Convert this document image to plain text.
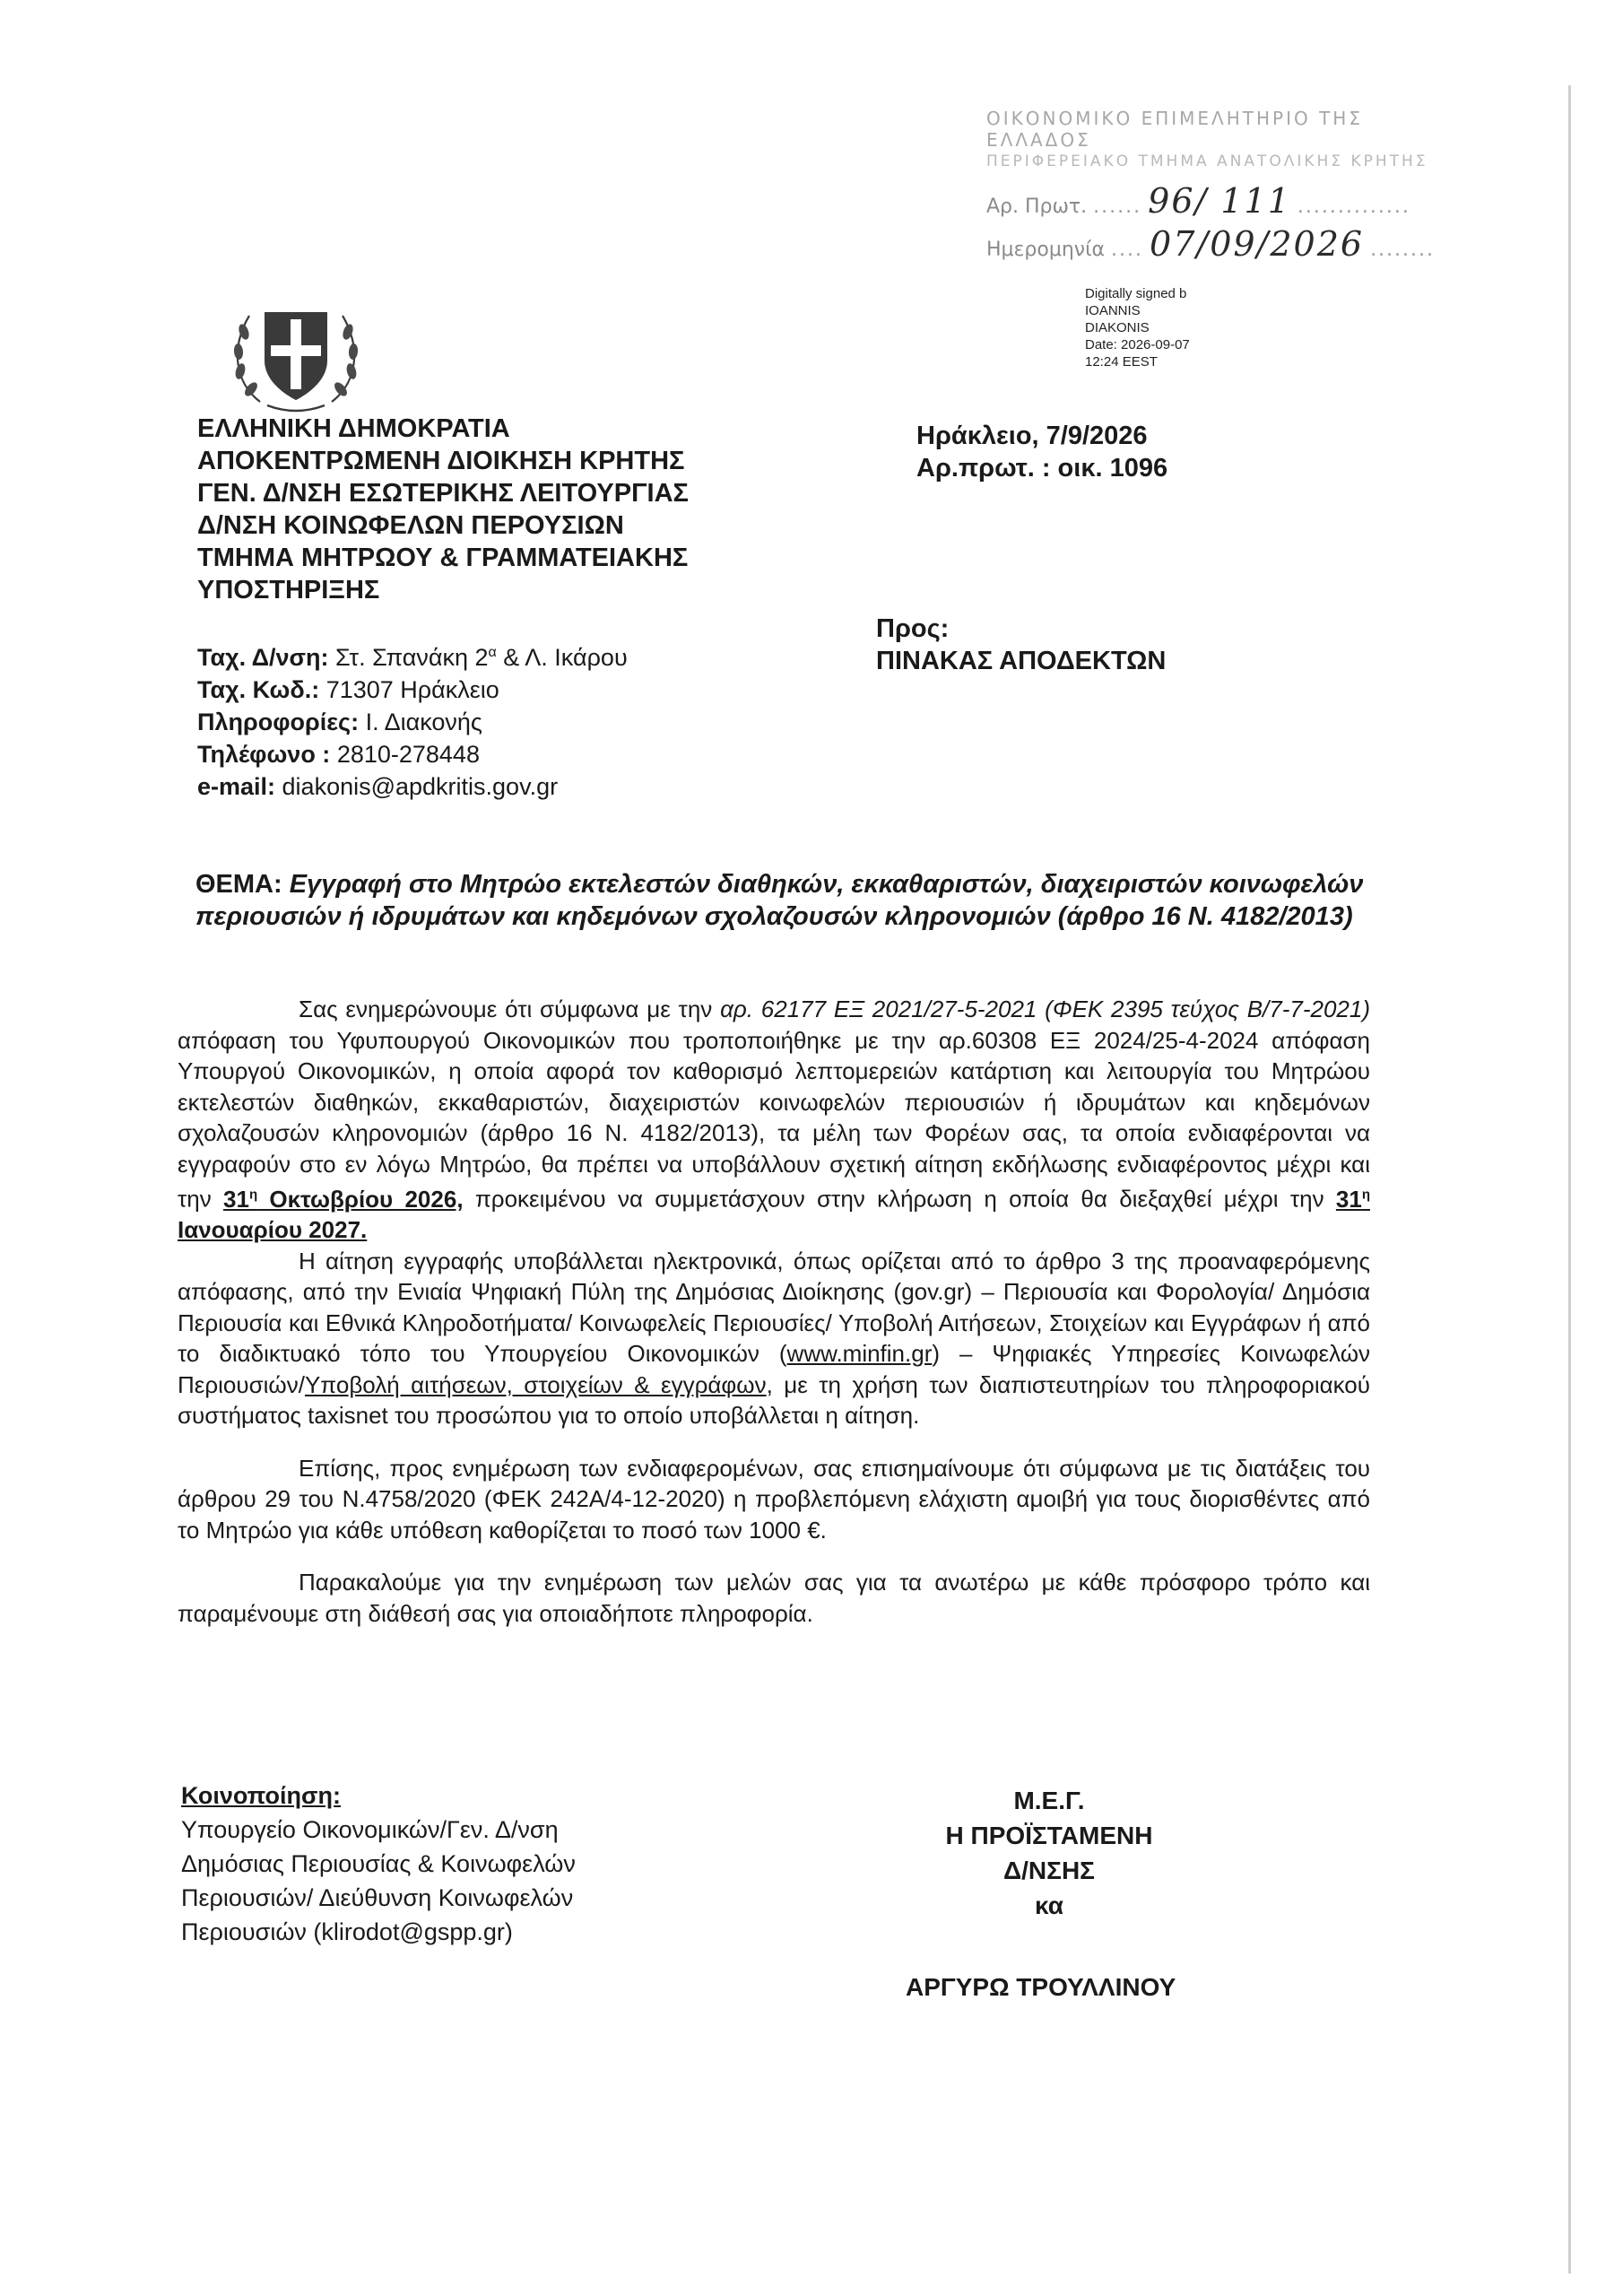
ΟΙΚΟΝΟΜΙΚΟ ΕΠΙΜΕΛΗΤΗΡΙΟ ΤΗΣ ΕΛΛΑΔΟΣ
ΠΕΡΙΦΕΡΕΙΑΚΟ ΤΜΗΜΑ ΑΝΑΤΟΛΙΚΗΣ ΚΡΗΤΗΣ
Αρ. Πρωτ. ...... 96/ 111 ..............
Ημερομηνία .... 07/09/2026 ........
Digitally signed b
IOANNIS
DIAKONIS
Date: 2026-09-07
12:24 EEST
ΕΛΛΗΝΙΚΗ ΔΗΜΟΚΡΑΤΙΑ
ΑΠΟΚΕΝΤΡΩΜΕΝΗ ΔΙΟΙΚΗΣΗ ΚΡΗΤΗΣ
ΓΕΝ. Δ/ΝΣΗ ΕΣΩΤΕΡΙΚΗΣ ΛΕΙΤΟΥΡΓΙΑΣ
Δ/ΝΣΗ ΚΟΙΝΩΦΕΛΩΝ ΠΕΡΟΥΣΙΩΝ
ΤΜΗΜΑ ΜΗΤΡΩΟΥ & ΓΡΑΜΜΑΤΕΙΑΚΗΣ
ΥΠΟΣΤΗΡΙΞΗΣ
Ηράκλειο, 7/9/2026
Αρ.πρωτ. : οικ. 1096
Προς:
ΠΙΝΑΚΑΣ ΑΠΟΔΕΚΤΩΝ
Ταχ. Δ/νση: Στ. Σπανάκη $2^\alpha$ & Λ. Ικάρου
Ταχ. Κωδ.: 71307 Ηράκλειο
Πληροφορίες: Ι. Διακονής
Τηλέφωνο : 2810-278448
e-mail: diakonis@apdkritis.gov.gr
ΘΕΜΑ: Εγγραφή στο Μητρώο εκτελεστών διαθηκών, εκκαθαριστών, διαχειριστών κοινωφελών περιουσιών ή ιδρυμάτων και κηδεμόνων σχολαζουσών κληρονομιών (άρθρο 16 Ν. 4182/2013)

Σας ενημερώνουμε ότι σύμφωνα με την αρ. 62177 ΕΞ 2021/27-5-2021 (ΦΕΚ 2395 τεύχος Β/7-7-2021) απόφαση του Υφυπουργού Οικονομικών που τροποποιήθηκε με την αρ.60308 ΕΞ 2024/25-4-2024 απόφαση Υπουργού Οικονομικών, η οποία αφορά τον καθορισμό λεπτομερειών κατάρτιση και λειτουργία του Μητρώου εκτελεστών διαθηκών, εκκαθαριστών, διαχειριστών κοινωφελών περιουσιών ή ιδρυμάτων και κηδεμόνων σχολαζουσών κληρονομιών (άρθρο 16 Ν. 4182/2013), τα μέλη των Φορέων σας, τα οποία ενδιαφέρονται να εγγραφούν στο εν λόγω Μητρώο, θα πρέπει να υποβάλλουν σχετική αίτηση εκδήλωσης ενδιαφέροντος μέχρι και την $31^\eta$ Οκτωβρίου 2026, προκειμένου να συμμετάσχουν στην κλήρωση η οποία θα διεξαχθεί μέχρι την $31^\eta$ Ιανουαρίου 2027.

Η αίτηση εγγραφής υποβάλλεται ηλεκτρονικά, όπως ορίζεται από το άρθρο 3 της προαναφερόμενης απόφασης, από την Ενιαία Ψηφιακή Πύλη της Δημόσιας Διοίκησης (gov.gr) – Περιουσία και Φορολογία/ Δημόσια Περιουσία και Εθνικά Κληροδοτήματα/ Κοινωφελείς Περιουσίες/ Υποβολή Αιτήσεων, Στοιχείων και Εγγράφων ή από το διαδικτυακό τόπο του Υπουργείου Οικονομικών (www.minfin.gr) – Ψηφιακές Υπηρεσίες Κοινωφελών Περιουσιών/Υποβολή αιτήσεων, στοιχείων & εγγράφων, με τη χρήση των διαπιστευτηρίων του πληροφοριακού συστήματος taxisnet του προσώπου για το οποίο υποβάλλεται η αίτηση.

Επίσης, προς ενημέρωση των ενδιαφερομένων, σας επισημαίνουμε ότι σύμφωνα με τις διατάξεις του άρθρου 29 του Ν.4758/2020 (ΦΕΚ 242Α/4-12-2020) η προβλεπόμενη ελάχιστη αμοιβή για τους διορισθέντες από το Μητρώο για κάθε υπόθεση καθορίζεται το ποσό των 1000 €.

Παρακαλούμε για την ενημέρωση των μελών σας για τα ανωτέρω με κάθε πρόσφορο τρόπο και παραμένουμε στη διάθεσή σας για οποιαδήποτε πληροφορία.

Κοινοποίηση:
Υπουργείο Οικονομικών/Γεν. Δ/νση
Δημόσιας Περιουσίας & Κοινωφελών
Περιουσιών/ Διεύθυνση Κοινωφελών
Περιουσιών (klirodot@gspp.gr)
Μ.Ε.Γ.
Η ΠΡΟΪΣΤΑΜΕΝΗ
Δ/ΝΣΗΣ
κα
ΑΡΓΥΡΩ ΤΡΟΥΛΛΙΝΟΥ
